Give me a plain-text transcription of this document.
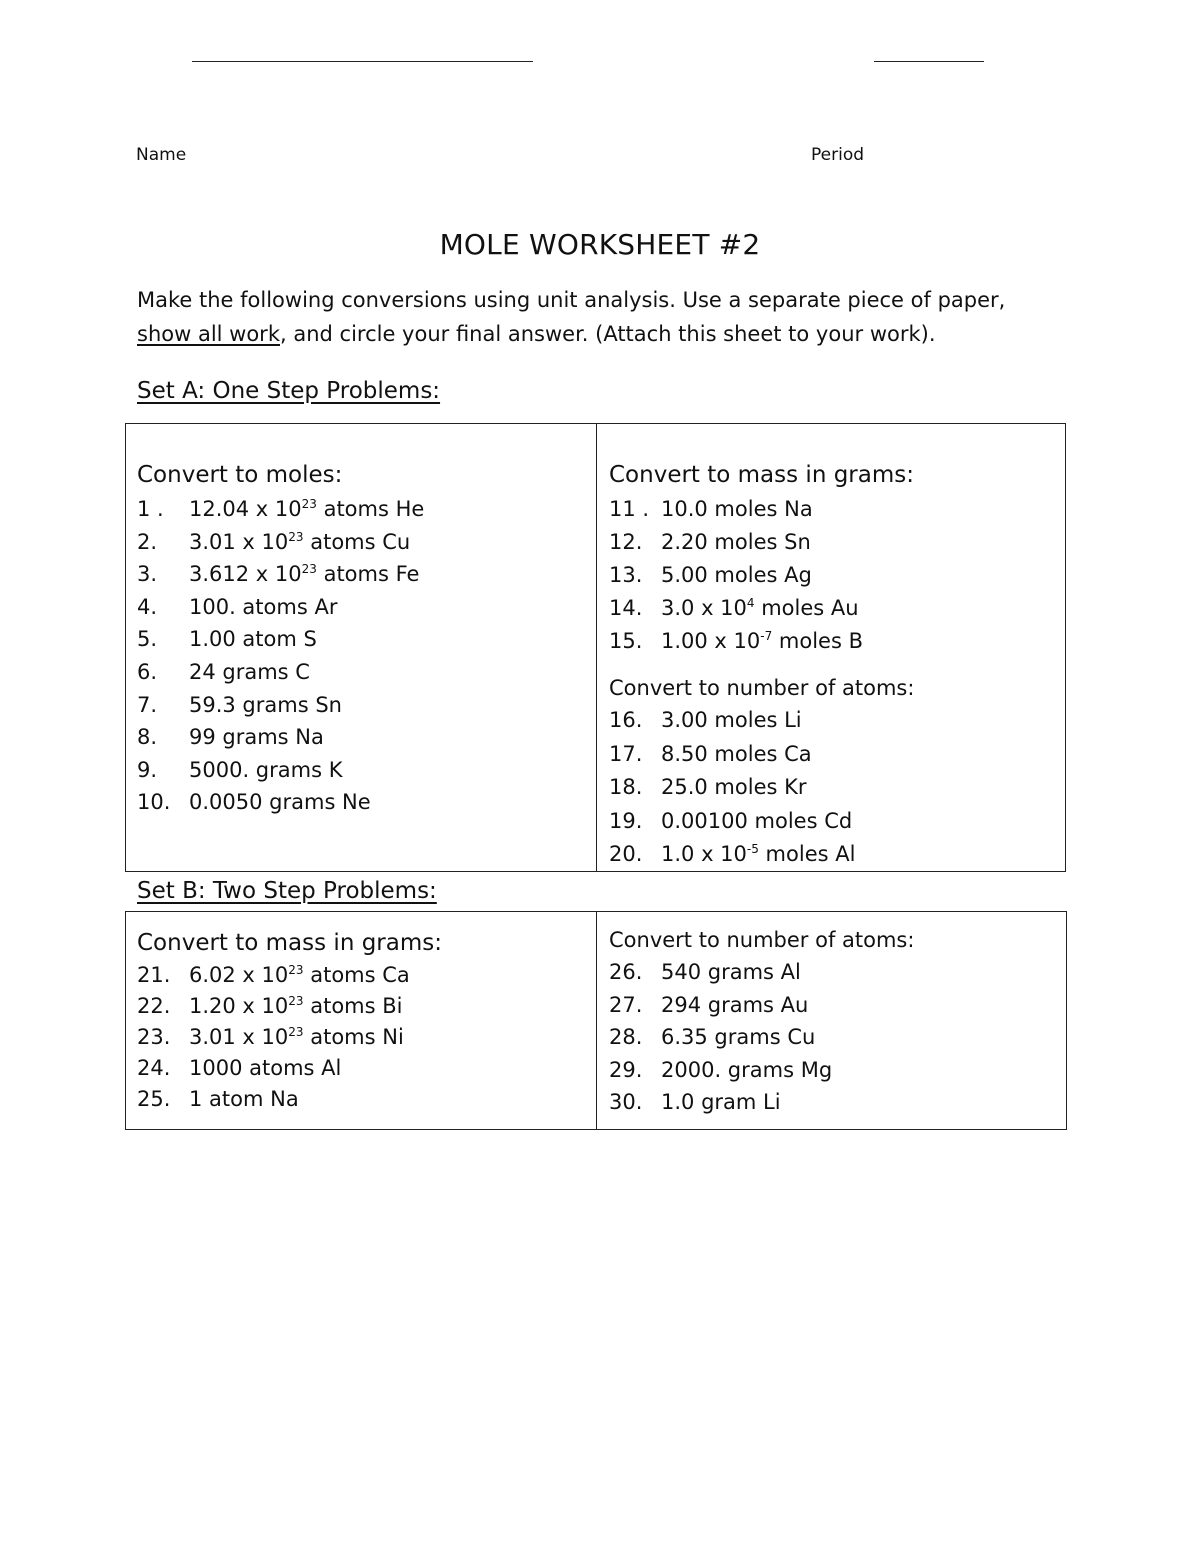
Name	Period
MOLE WORKSHEET #2
Make the following conversions using unit analysis. Use a separate piece of paper,
show all work, and circle your final answer. (Attach this sheet to your work).
Set A: One Step Problems:
Convert to moles:
1 . 12.04 x $10^{23}$ atoms He
2. 3.01 x $10^{23}$ atoms Cu
3. 3.612 x $10^{23}$ atoms Fe
4. 100. atoms Ar
5. 1.00 atom S
6. 24 grams C
7. 59.3 grams Sn
8. 99 grams Na
9. 5000. grams K
10. 0.0050 grams Ne
Convert to mass in grams:
11 . 10.0 moles Na
12. 2.20 moles Sn
13. 5.00 moles Ag
14. 3.0 x $10^4$ moles Au
15. 1.00 x $10^{-7}$ moles B
Convert to number of atoms:
16. 3.00 moles Li
17. 8.50 moles Ca
18. 25.0 moles Kr
19. 0.00100 moles Cd
20. 1.0 x $10^{-5}$ moles Al
Set B: Two Step Problems:
Convert to mass in grams:
21. 6.02 x $10^{23}$ atoms Ca
22. 1.20 x $10^{23}$ atoms Bi
23. 3.01 x $10^{23}$ atoms Ni
24. 1000 atoms Al
25. 1 atom Na
Convert to number of atoms:
26. 540 grams Al
27. 294 grams Au
28. 6.35 grams Cu
29. 2000. grams Mg
30. 1.0 gram Li
